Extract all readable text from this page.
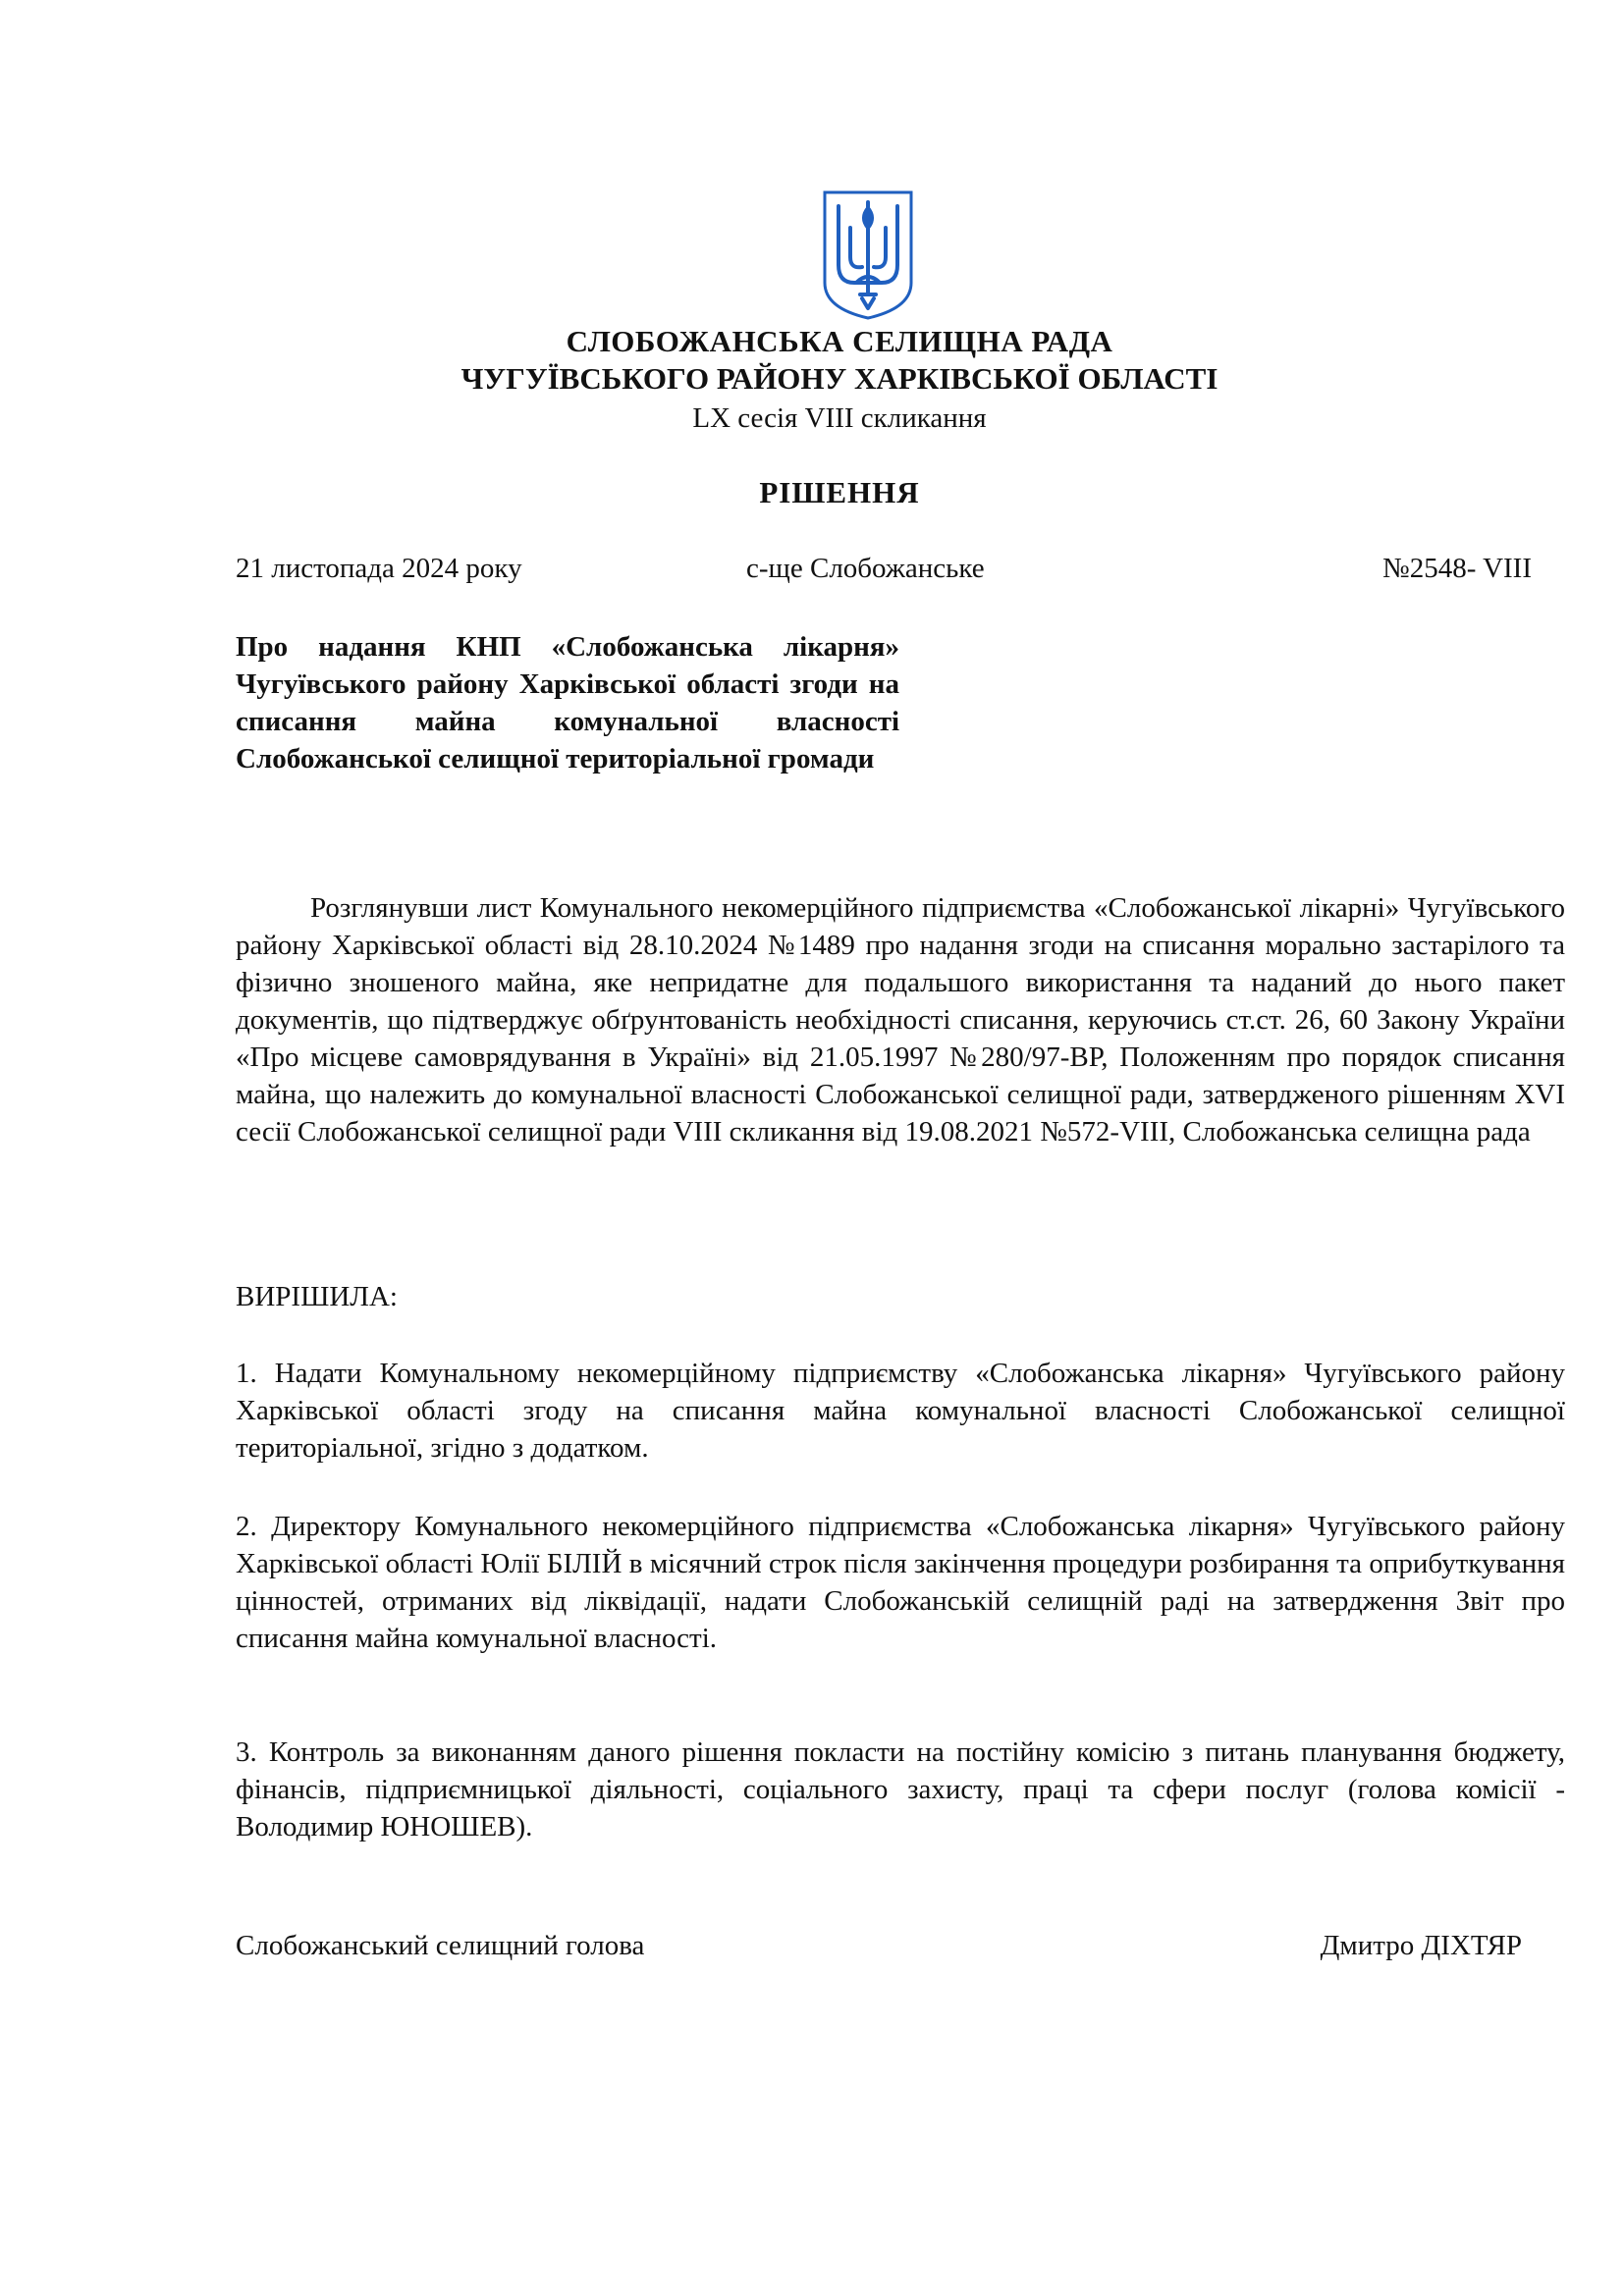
СЛОБОЖАНСЬКА СЕЛИЩНА РАДА
ЧУГУЇВСЬКОГО РАЙОНУ ХАРКІВСЬКОЇ ОБЛАСТІ
LX сесія VIII скликання
РІШЕННЯ
21 листопада 2024 року	с-ще Слобожанське	№2548- VIII
Про надання КНП «Слобожанська лікарня» Чугуївського району Харківської області згоди на списання майна комунальної власності Слобожанської селищної територіальної громади
Розглянувши лист Комунального некомерційного підприємства «Слобожанської лікарні» Чугуївського району Харківської області від 28.10.2024 №1489 про надання згоди на списання морально застарілого та фізично зношеного майна, яке непридатне для подальшого використання та наданий до нього пакет документів, що підтверджує обґрунтованість необхідності списання, керуючись ст.ст. 26, 60 Закону України «Про місцеве самоврядування в Україні» від 21.05.1997 №280/97-ВР, Положенням про порядок списання майна, що належить до комунальної власності Слобожанської селищної ради, затвердженого рішенням XVI сесії Слобожанської селищної ради VIII скликання від 19.08.2021 №572-VIII, Слобожанська селищна рада
ВИРІШИЛА:
1. Надати Комунальному некомерційному підприємству «Слобожанська лікарня» Чугуївського району Харківської області згоду на списання майна комунальної власності Слобожанської селищної територіальної, згідно з додатком.
2. Директору Комунального некомерційного підприємства «Слобожанська лікарня» Чугуївського району Харківської області Юлії БІЛІЙ в місячний строк після закінчення процедури розбирання та оприбуткування цінностей, отриманих від ліквідації, надати Слобожанській селищній раді на затвердження Звіт про списання майна комунальної власності.
3. Контроль за виконанням даного рішення покласти на постійну комісію з питань планування бюджету, фінансів, підприємницької діяльності, соціального захисту, праці та сфери послуг (голова комісії - Володимир ЮНОШЕВ).
Слобожанський селищний голова	Дмитро ДІХТЯР
